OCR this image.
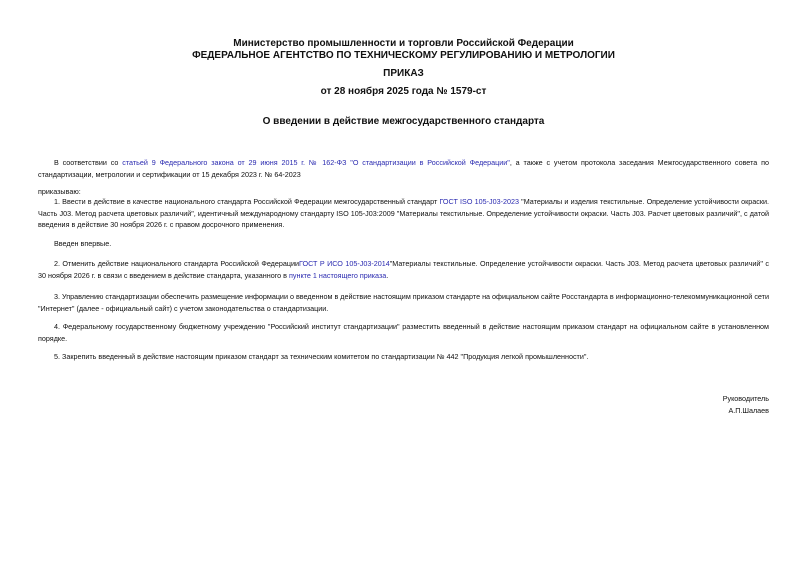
Министерство промышленности и торговли Российской Федерации
ФЕДЕРАЛЬНОЕ АГЕНТСТВО ПО ТЕХНИЧЕСКОМУ РЕГУЛИРОВАНИЮ И МЕТРОЛОГИИ
ПРИКАЗ
от 28 ноября 2025 года № 1579-ст
О введении в действие межгосударственного стандарта

В соответствии со статьей 9 Федерального закона от 29 июня 2015 г. № 162-ФЗ "О стандартизации в Российской Федерации", а также с учетом протокола заседания Межгосударственного совета по стандартизации, метрологии и сертификации от 15 декабря 2023 г. № 64-2023

приказываю:

1. Ввести в действие в качестве национального стандарта Российской Федерации межгосударственный стандарт ГОСТ ISO 105-J03-2023 "Материалы и изделия текстильные. Определение устойчивости окраски. Часть J03. Метод расчета цветовых различий", идентичный международному стандарту ISO 105-J03:2009 "Материалы текстильные. Определение устойчивости окраски. Часть J03. Расчет цветовых различий", с датой введения в действие 30 ноября 2026 г. с правом досрочного применения.

Введен впервые.

2. Отменить действие национального стандарта Российской ФедерацииГОСТ Р ИСО 105-J03-2014"Материалы текстильные. Определение устойчивости окраски. Часть J03. Метод расчета цветовых различий" с 30 ноября 2026 г. в связи с введением в действие стандарта, указанного в пункте 1 настоящего приказа.

3. Управлению стандартизации обеспечить размещение информации о введенном в действие настоящим приказом стандарте на официальном сайте Росстандарта в информационно-телекоммуникационной сети "Интернет" (далее - официальный сайт) с учетом законодательства о стандартизации.

4. Федеральному государственному бюджетному учреждению "Российский институт стандартизации" разместить введенный в действие настоящим приказом стандарт на официальном сайте в установленном порядке.

5. Закрепить введенный в действие настоящим приказом стандарт за техническим комитетом по стандартизации № 442 "Продукция легкой промышленности".

Руководитель
А.П.Шалаев
